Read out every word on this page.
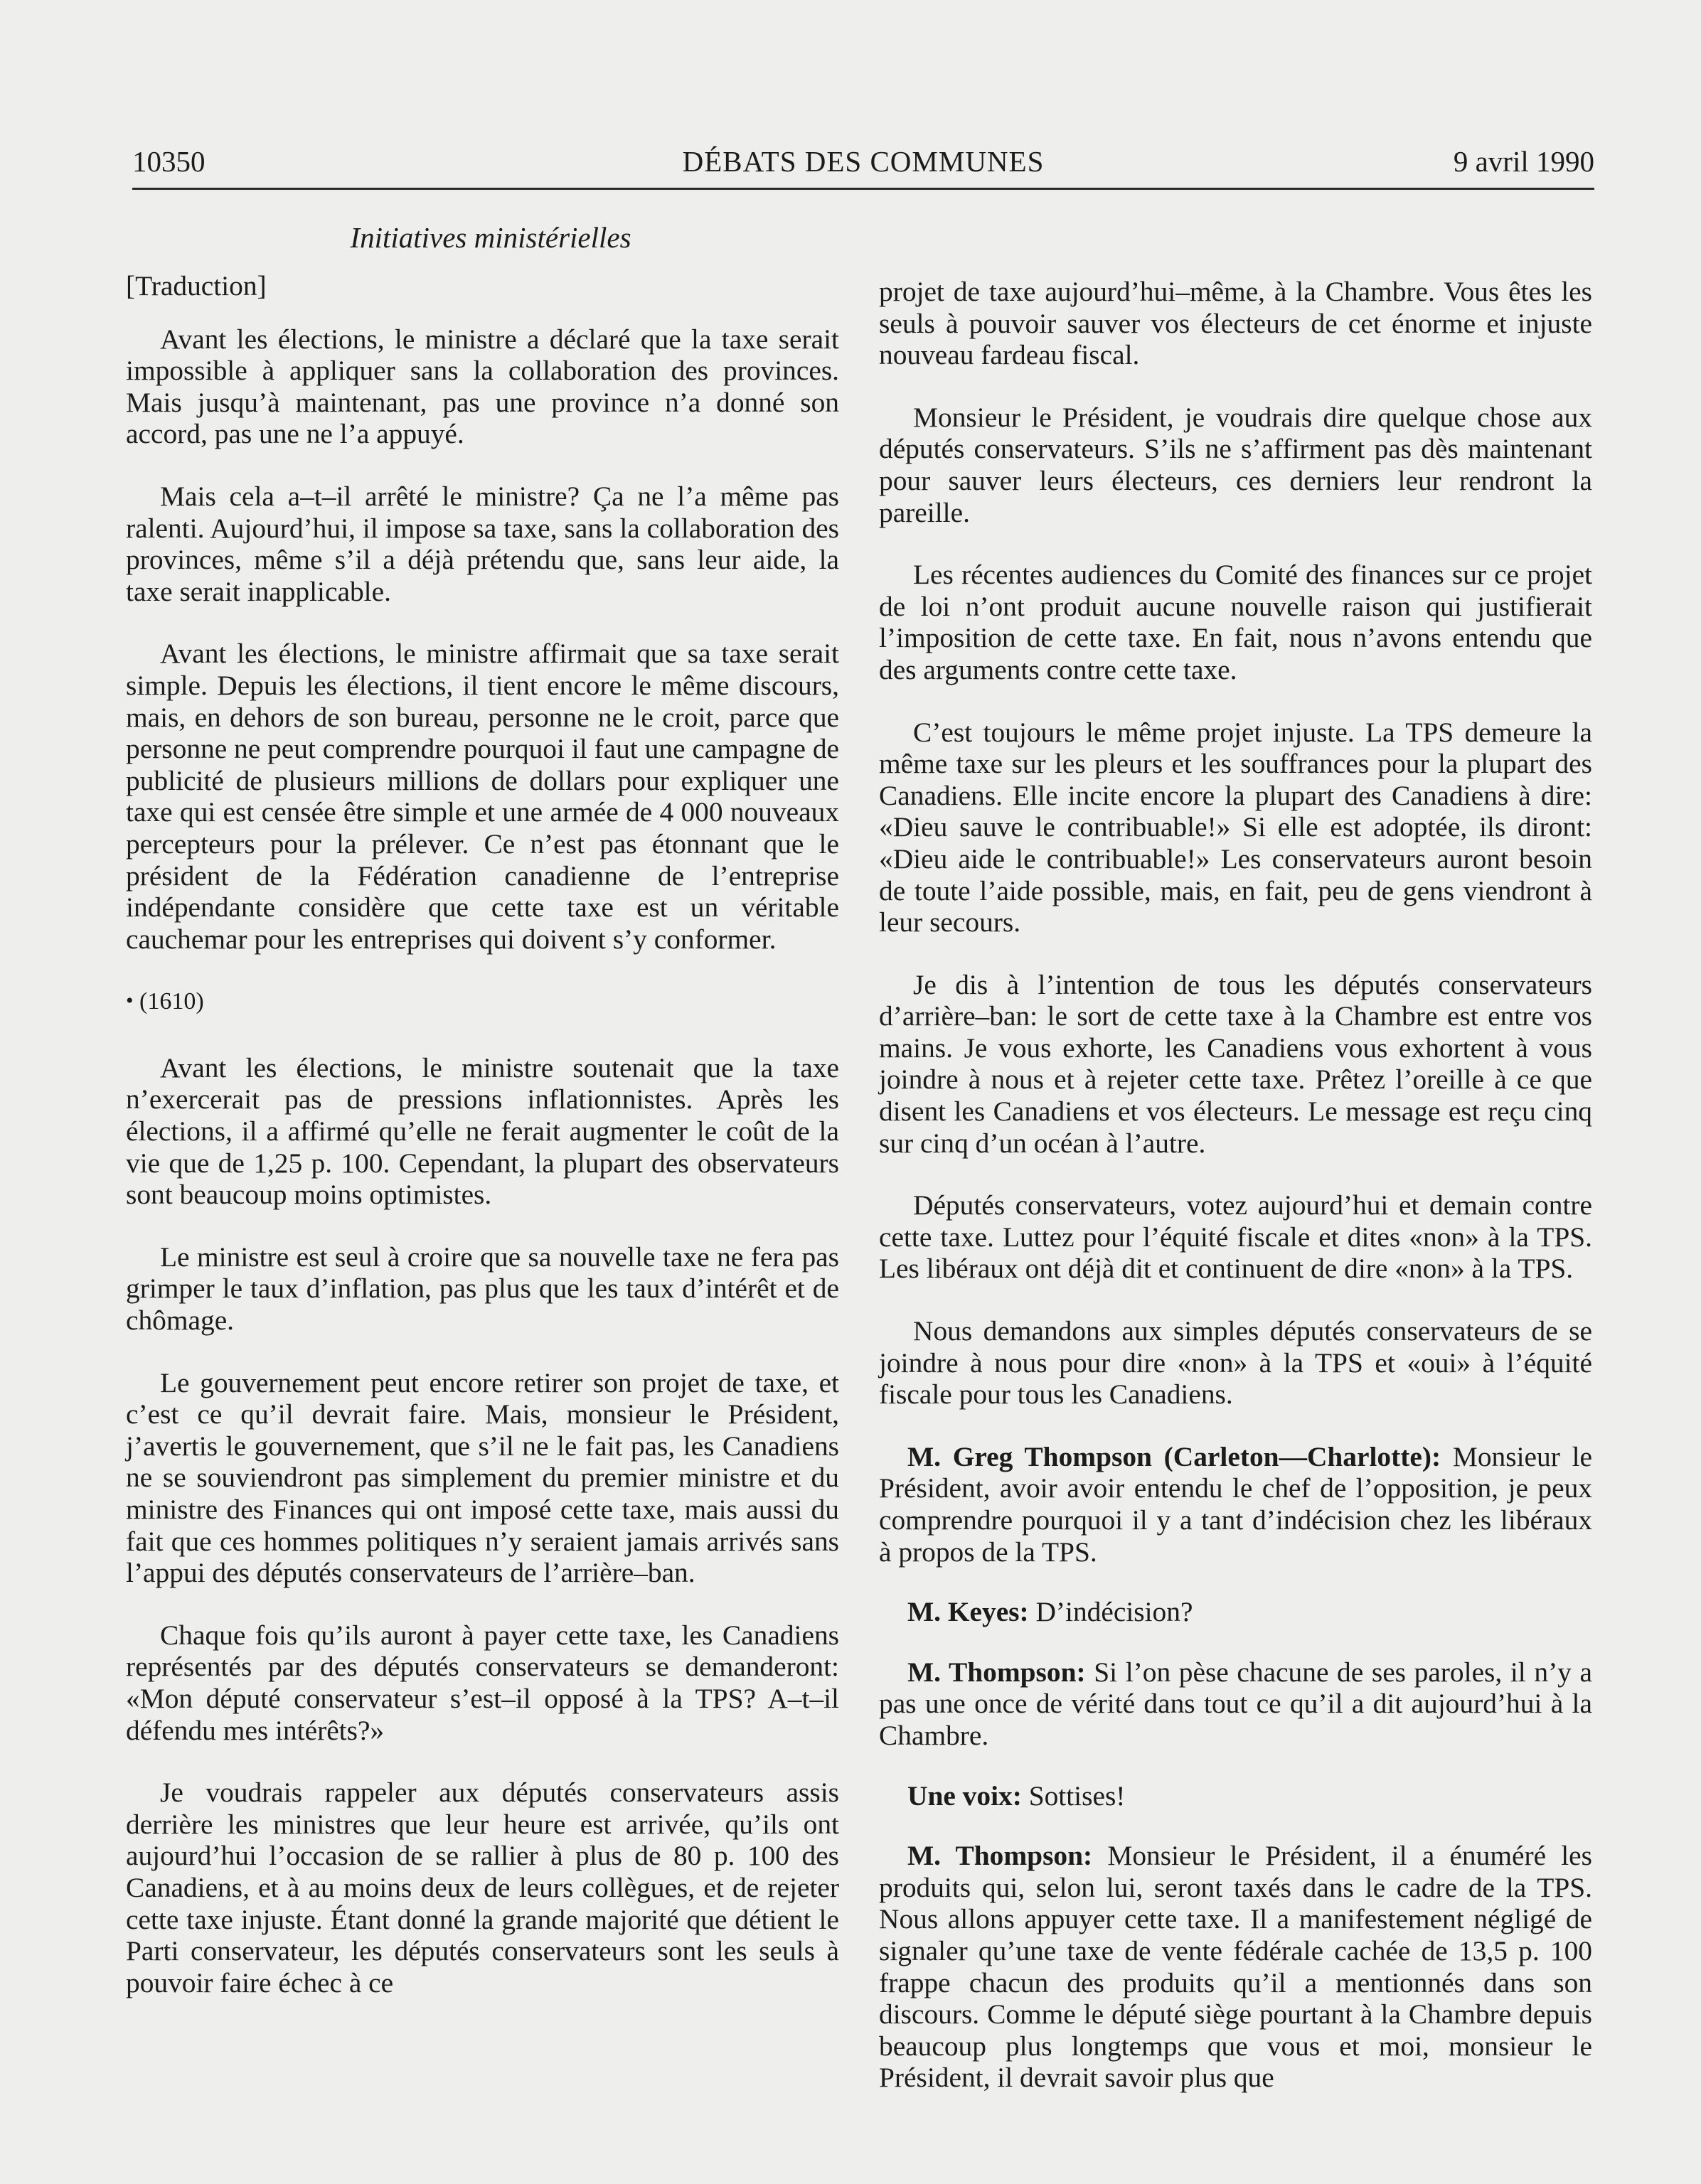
10350	DÉBATS DES COMMUNES	9 avril 1990
Initiatives ministérielles

[Traduction]

Avant les élections, le ministre a déclaré que la taxe serait impossible à appliquer sans la collaboration des provinces. Mais jusqu’à maintenant, pas une province n’a donné son accord, pas une ne l’a appuyé.

Mais cela a–t–il arrêté le ministre? Ça ne l’a même pas ralenti. Aujourd’hui, il impose sa taxe, sans la collaboration des provinces, même s’il a déjà prétendu que, sans leur aide, la taxe serait inapplicable.

Avant les élections, le ministre affirmait que sa taxe serait simple. Depuis les élections, il tient encore le même discours, mais, en dehors de son bureau, personne ne le croit, parce que personne ne peut comprendre pourquoi il faut une campagne de publicité de plusieurs millions de dollars pour expliquer une taxe qui est censée être simple et une armée de 4 000 nouveaux percepteurs pour la prélever. Ce n’est pas étonnant que le président de la Fédération canadienne de l’entreprise indépendante considère que cette taxe est un véritable cauchemar pour les entreprises qui doivent s’y conformer.

• (1610)

Avant les élections, le ministre soutenait que la taxe n’exercerait pas de pressions inflationnistes. Après les élections, il a affirmé qu’elle ne ferait augmenter le coût de la vie que de 1,25 p. 100. Cependant, la plupart des observateurs sont beaucoup moins optimistes.

Le ministre est seul à croire que sa nouvelle taxe ne fera pas grimper le taux d’inflation, pas plus que les taux d’intérêt et de chômage.

Le gouvernement peut encore retirer son projet de taxe, et c’est ce qu’il devrait faire. Mais, monsieur le Président, j’avertis le gouvernement, que s’il ne le fait pas, les Canadiens ne se souviendront pas simplement du premier ministre et du ministre des Finances qui ont imposé cette taxe, mais aussi du fait que ces hommes politiques n’y seraient jamais arrivés sans l’appui des députés conservateurs de l’arrière–ban.

Chaque fois qu’ils auront à payer cette taxe, les Canadiens représentés par des députés conservateurs se demanderont: «Mon député conservateur s’est–il opposé à la TPS? A–t–il défendu mes intérêts?»

Je voudrais rappeler aux députés conservateurs assis derrière les ministres que leur heure est arrivée, qu’ils ont aujourd’hui l’occasion de se rallier à plus de 80 p. 100 des Canadiens, et à au moins deux de leurs collègues, et de rejeter cette taxe injuste. Étant donné la grande majorité que détient le Parti conservateur, les députés conservateurs sont les seuls à pouvoir faire échec à ce

projet de taxe aujourd’hui–même, à la Chambre. Vous êtes les seuls à pouvoir sauver vos électeurs de cet énorme et injuste nouveau fardeau fiscal.

Monsieur le Président, je voudrais dire quelque chose aux députés conservateurs. S’ils ne s’affirment pas dès maintenant pour sauver leurs électeurs, ces derniers leur rendront la pareille.

Les récentes audiences du Comité des finances sur ce projet de loi n’ont produit aucune nouvelle raison qui justifierait l’imposition de cette taxe. En fait, nous n’avons entendu que des arguments contre cette taxe.

C’est toujours le même projet injuste. La TPS demeure la même taxe sur les pleurs et les souffrances pour la plupart des Canadiens. Elle incite encore la plupart des Canadiens à dire: «Dieu sauve le contribuable!» Si elle est adoptée, ils diront: «Dieu aide le contribuable!» Les conservateurs auront besoin de toute l’aide possible, mais, en fait, peu de gens viendront à leur secours.

Je dis à l’intention de tous les députés conservateurs d’arrière–ban: le sort de cette taxe à la Chambre est entre vos mains. Je vous exhorte, les Canadiens vous exhortent à vous joindre à nous et à rejeter cette taxe. Prêtez l’oreille à ce que disent les Canadiens et vos électeurs. Le message est reçu cinq sur cinq d’un océan à l’autre.

Députés conservateurs, votez aujourd’hui et demain contre cette taxe. Luttez pour l’équité fiscale et dites «non» à la TPS. Les libéraux ont déjà dit et continuent de dire «non» à la TPS.

Nous demandons aux simples députés conservateurs de se joindre à nous pour dire «non» à la TPS et «oui» à l’équité fiscale pour tous les Canadiens.

M. Greg Thompson (Carleton—Charlotte): Monsieur le Président, avoir avoir entendu le chef de l’opposition, je peux comprendre pourquoi il y a tant d’indécision chez les libéraux à propos de la TPS.

M. Keyes: D’indécision?

M. Thompson: Si l’on pèse chacune de ses paroles, il n’y a pas une once de vérité dans tout ce qu’il a dit aujourd’hui à la Chambre.

Une voix: Sottises!

M. Thompson: Monsieur le Président, il a énuméré les produits qui, selon lui, seront taxés dans le cadre de la TPS. Nous allons appuyer cette taxe. Il a manifestement négligé de signaler qu’une taxe de vente fédérale cachée de 13,5 p. 100 frappe chacun des produits qu’il a mentionnés dans son discours. Comme le député siège pourtant à la Chambre depuis beaucoup plus longtemps que vous et moi, monsieur le Président, il devrait savoir plus que
